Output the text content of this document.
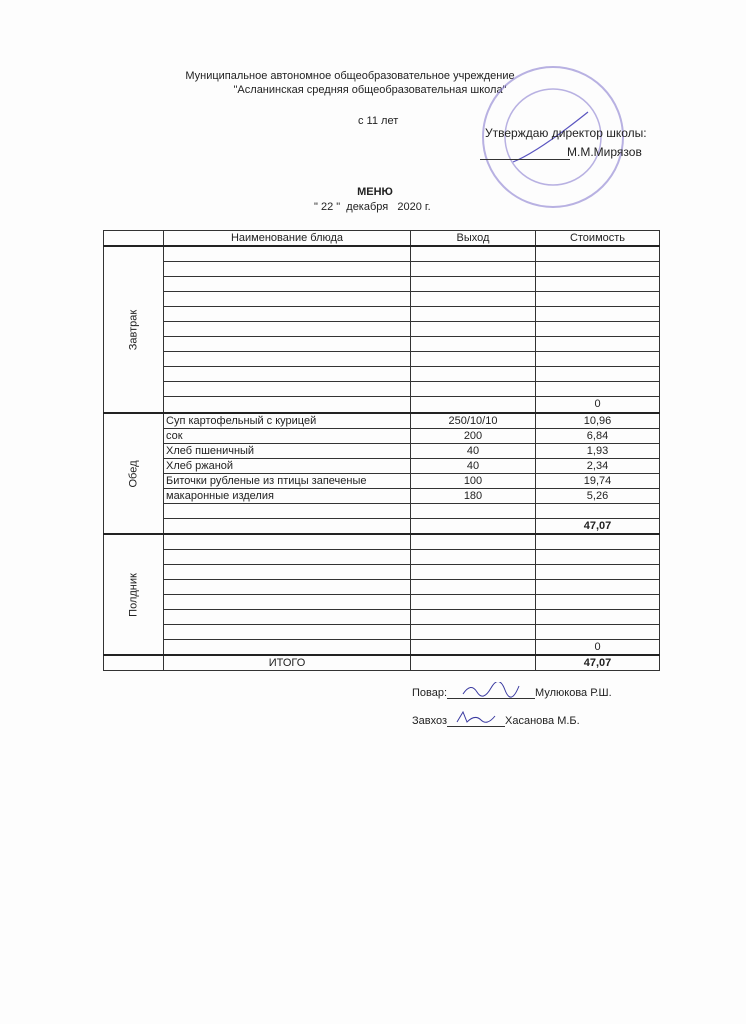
Муниципальное автономное общеобразовательное учреждение
"Асланинская средняя общеобразовательная школа"
с 11 лет
Утверждаю директор школы:
М.М.Мирязов
МЕНЮ
" 22 "  декабря   2020 г.
	Наименование блюда	Выход	Стоимость

Завтрак			

			0

Обед	Суп картофельный с курицей	250/10/10	10,96
	сок	200	6,84
	Хлеб пшеничный	40	1,93
	Хлеб ржаной	40	2,34
	Биточки рубленые из птицы запеченые	100	19,74
	макаронные изделия	180	5,26

			47,07

Полдник			

			0
	ИТОГО		47,07
Повар:	Мулюкова Р.Ш.
Завхоз	Хасанова М.Б.
